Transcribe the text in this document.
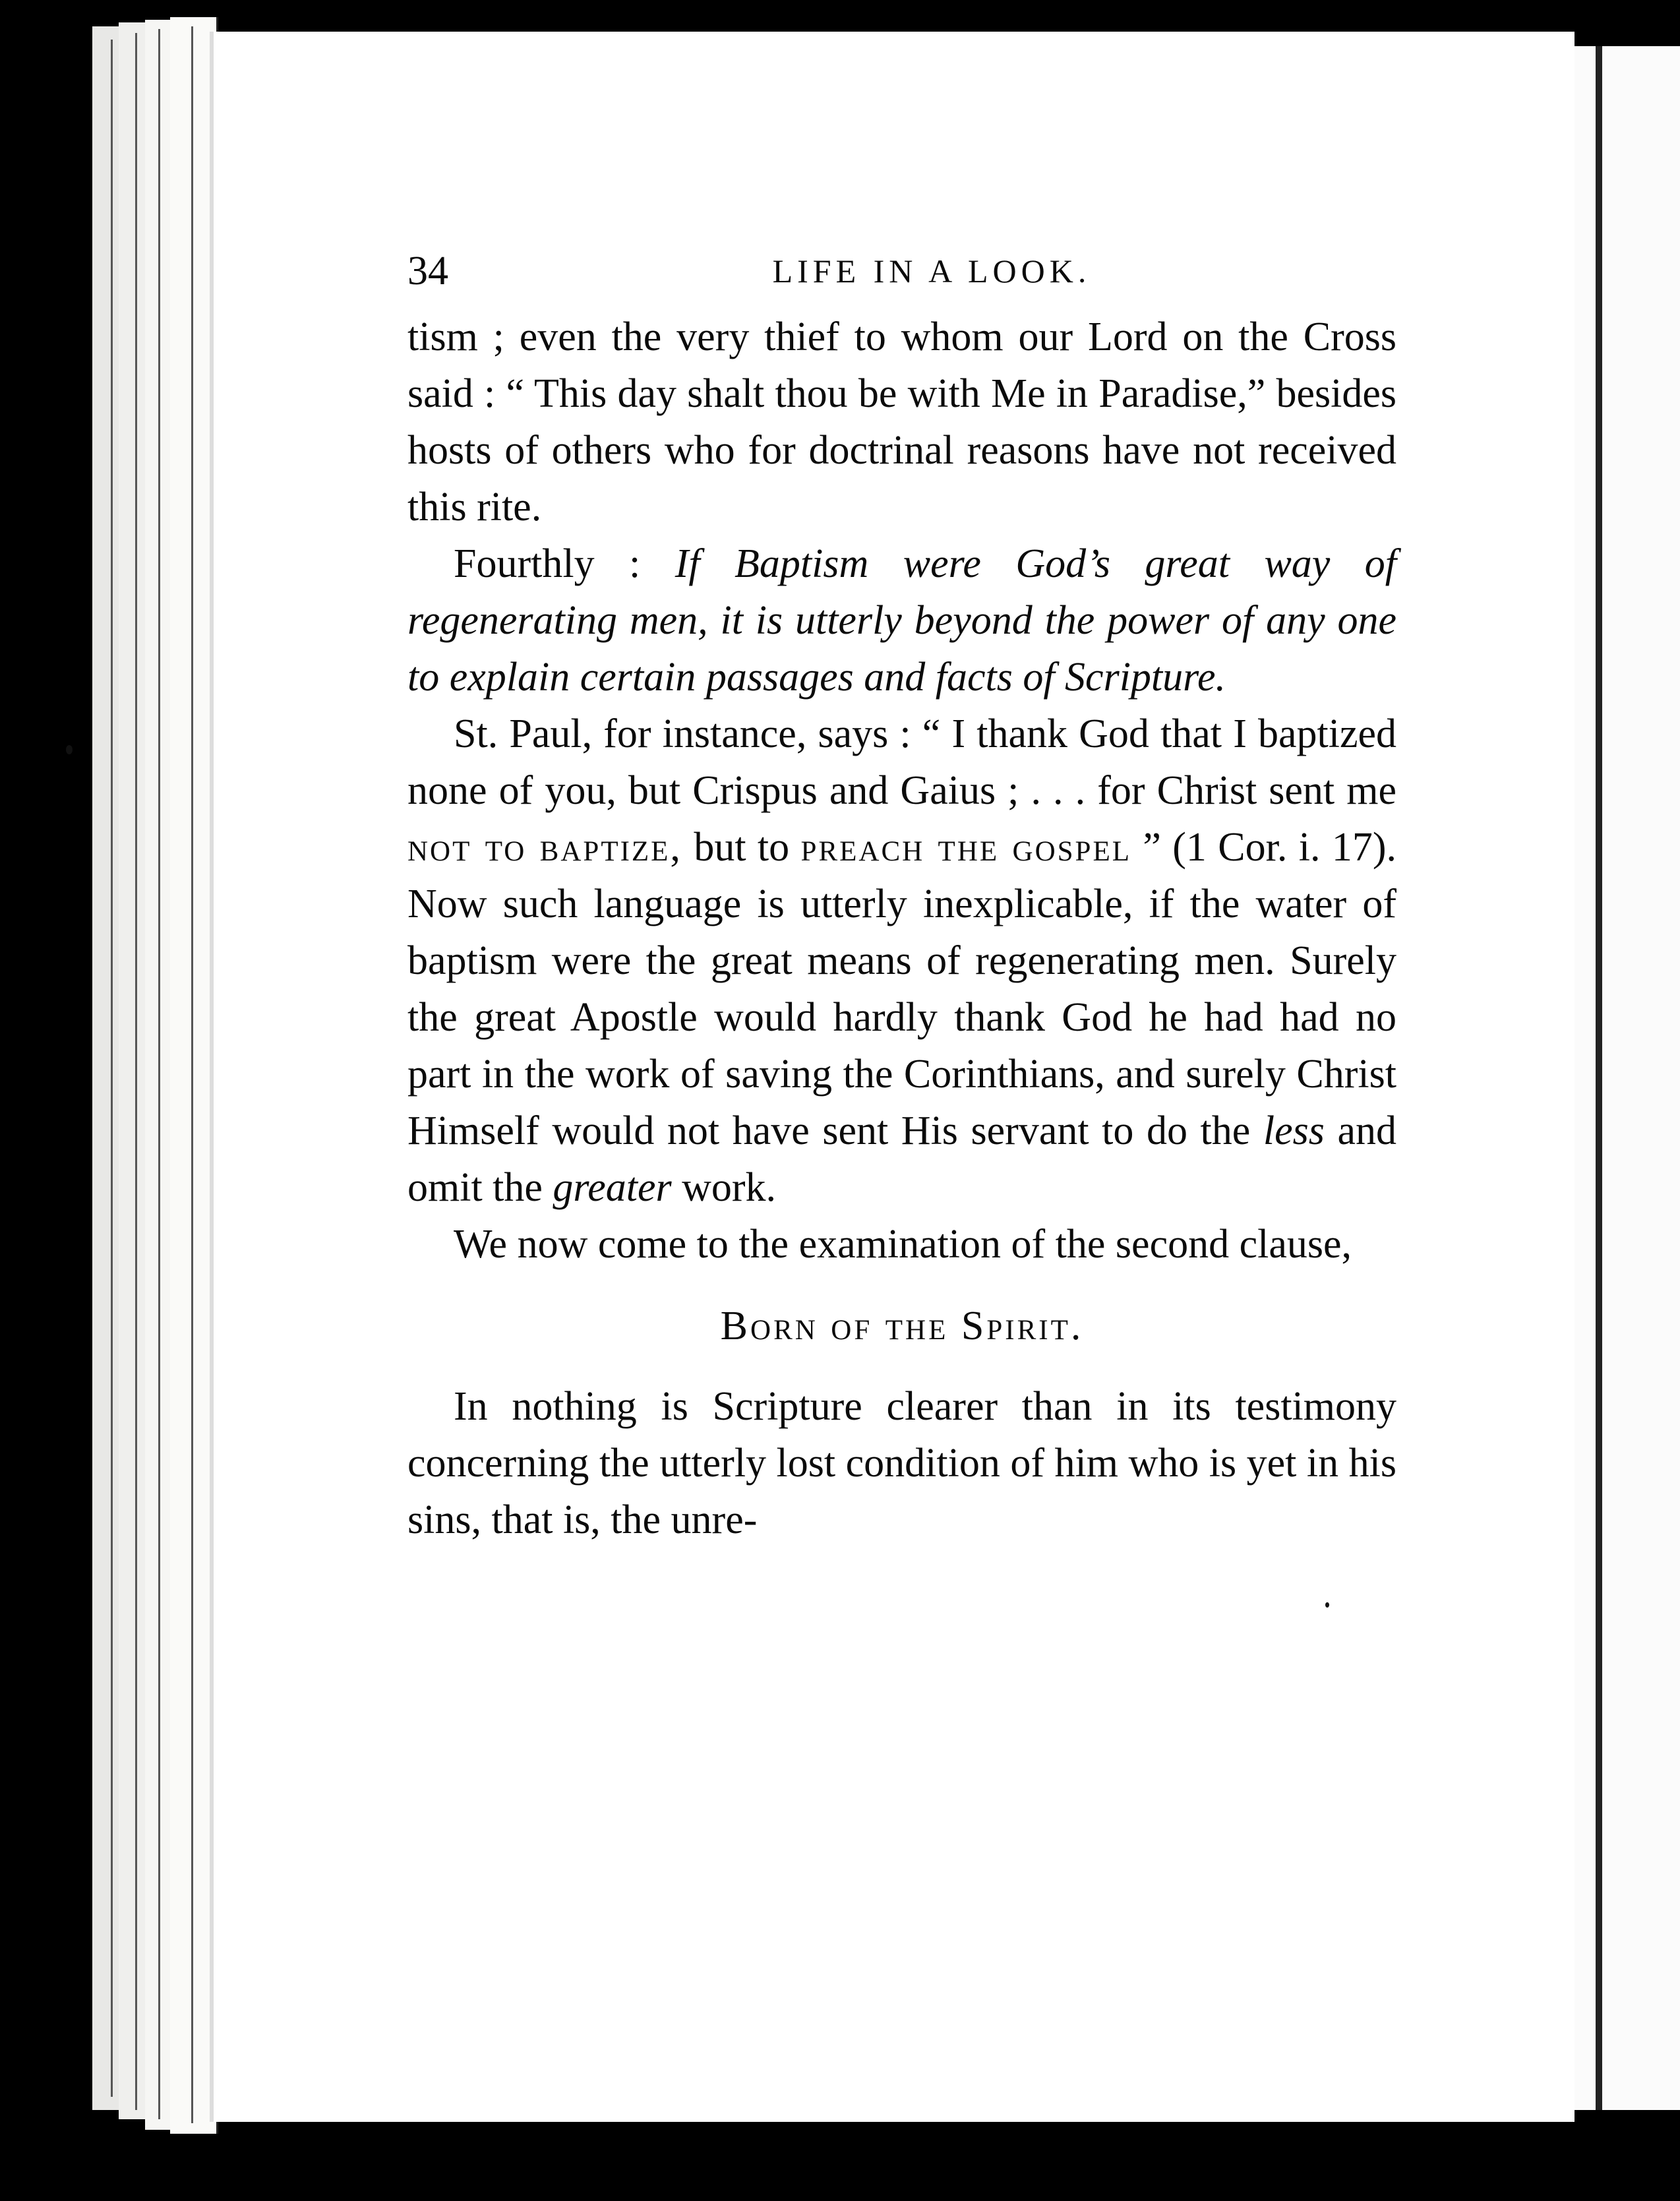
34	LIFE IN A LOOK.

tism ; even the very thief to whom our Lord on the Cross said : “ This day shalt thou be with Me in Paradise,” besides hosts of others who for doctrinal reasons have not received this rite.

Fourthly : If Baptism were God’s great way of regenerating men, it is utterly beyond the power of any one to explain certain passages and facts of Scripture.

St. Paul, for instance, says : “ I thank God that I baptized none of you, but Crispus and Gaius ; . . . for Christ sent me not to baptize, but to preach the gospel ” (1 Cor. i. 17). Now such language is utterly inexplicable, if the water of baptism were the great means of regenerating men. Surely the great Apostle would hardly thank God he had had no part in the work of saving the Corinthians, and surely Christ Himself would not have sent His servant to do the less and omit the greater work.

We now come to the examination of the second clause,

Born of the Spirit.

In nothing is Scripture clearer than in its testimony concerning the utterly lost condition of him who is yet in his sins, that is, the unre-
